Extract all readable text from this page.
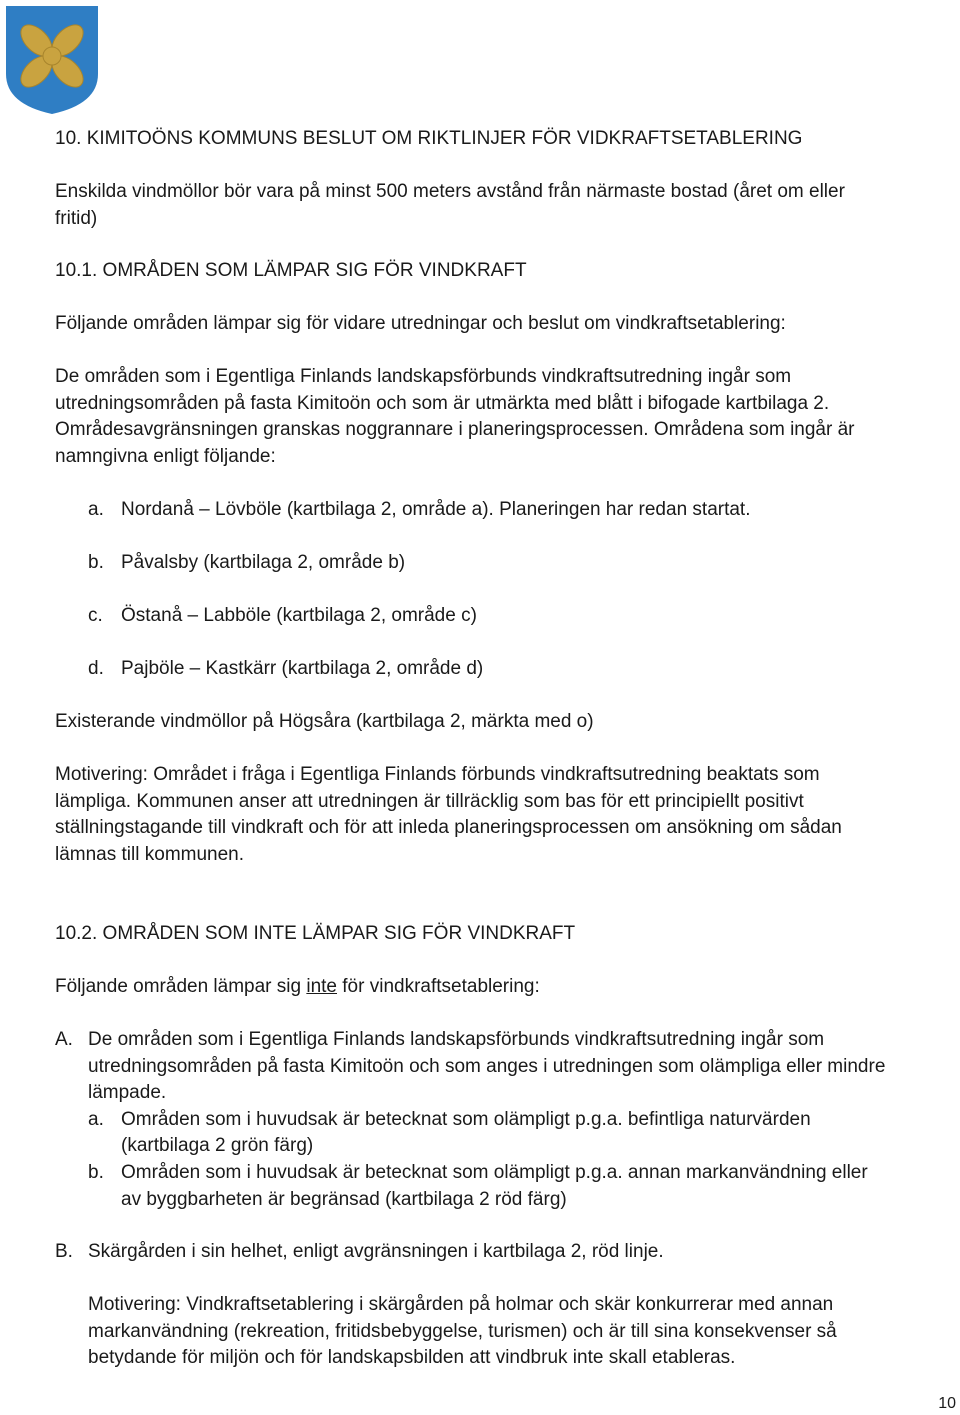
10. KIMITOÖNS KOMMUNS BESLUT OM RIKTLINJER FÖR VIDKRAFTSETABLERING

Enskilda vindmöllor bör vara på minst 500 meters avstånd från närmaste bostad (året om eller

fritid)

10.1. OMRÅDEN SOM LÄMPAR SIG FÖR VINDKRAFT

Följande områden lämpar sig för vidare utredningar och beslut om vindkraftsetablering:

De områden som i Egentliga Finlands landskapsförbunds vindkraftsutredning ingår som

utredningsområden på fasta Kimitoön och som är utmärkta med blått i bifogade kartbilaga 2.

Områdesavgränsningen granskas noggrannare i planeringsprocessen. Områdena som ingår är

namngivna enligt följande:

a. Nordanå – Lövböle (kartbilaga 2, område a). Planeringen har redan startat.

b. Påvalsby (kartbilaga 2, område b)

c. Östanå – Labböle (kartbilaga 2, område c)

d. Pajböle – Kastkärr (kartbilaga 2, område d)

Existerande vindmöllor på Högsåra (kartbilaga 2, märkta med o)

Motivering: Området i fråga i Egentliga Finlands förbunds vindkraftsutredning beaktats som

lämpliga. Kommunen anser att utredningen är tillräcklig som bas för ett principiellt positivt

ställningstagande till vindkraft och för att inleda planeringsprocessen om ansökning om sådan

lämnas till kommunen.

10.2. OMRÅDEN SOM INTE LÄMPAR SIG FÖR VINDKRAFT

Följande områden lämpar sig inte för vindkraftsetablering:

A. De områden som i Egentliga Finlands landskapsförbunds vindkraftsutredning ingår som

utredningsområden på fasta Kimitoön och som anges i utredningen som olämpliga eller mindre

lämpade.

a. Områden som i huvudsak är betecknat som olämpligt p.g.a. befintliga naturvärden

(kartbilaga 2 grön färg)

b. Områden som i huvudsak är betecknat som olämpligt p.g.a. annan markanvändning eller

av byggbarheten är begränsad (kartbilaga 2 röd färg)

B. Skärgården i sin helhet, enligt avgränsningen i kartbilaga 2, röd linje.

Motivering: Vindkraftsetablering i skärgården på holmar och skär konkurrerar med annan

markanvändning (rekreation, fritidsbebyggelse, turismen) och är till sina konsekvenser så

betydande för miljön och för landskapsbilden att vindbruk inte skall etableras.

10
